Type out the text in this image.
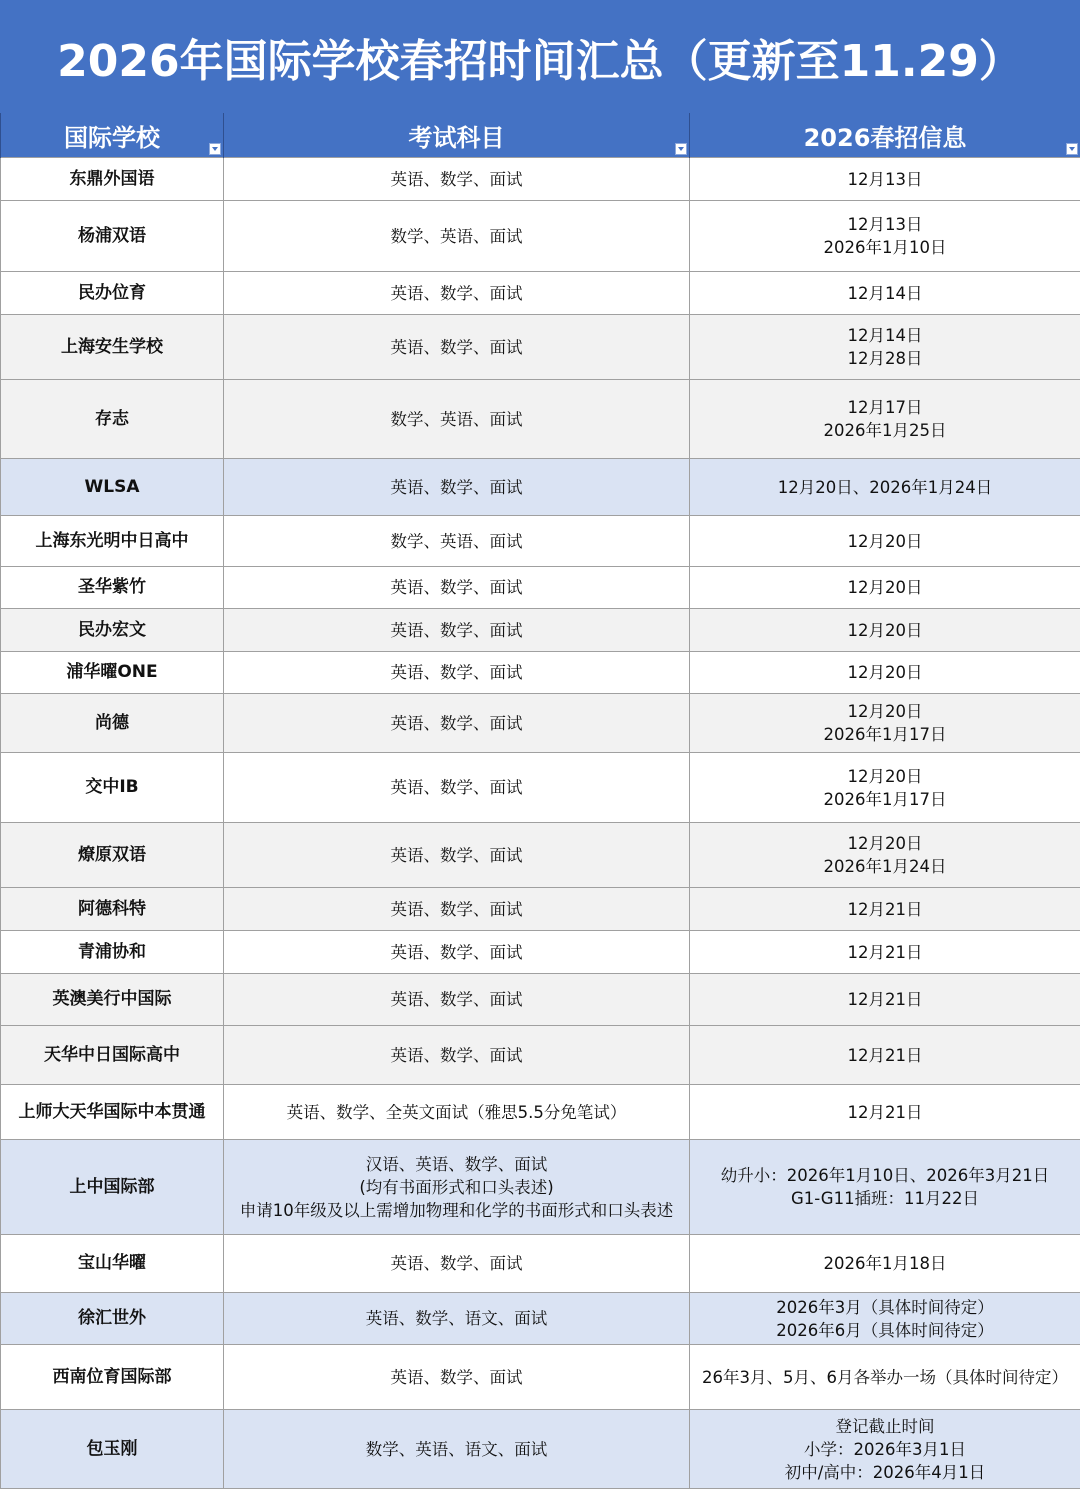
2026年国际学校春招时间汇总（更新至11.29）
国际学校	考试科目	2026春招信息

东鼎外国语	英语、数学、面试	12月13日

杨浦双语	数学、英语、面试	12月13日
2026年1月10日

民办位育	英语、数学、面试	12月14日

上海安生学校	英语、数学、面试	12月14日
12月28日

存志	数学、英语、面试	12月17日
2026年1月25日

WLSA	英语、数学、面试	12月20日、2026年1月24日

上海东光明中日高中	数学、英语、面试	12月20日

圣华紫竹	英语、数学、面试	12月20日

民办宏文	英语、数学、面试	12月20日

浦华曜ONE	英语、数学、面试	12月20日

尚德	英语、数学、面试	12月20日
2026年1月17日

交中IB	英语、数学、面试	12月20日
2026年1月17日

燎原双语	英语、数学、面试	12月20日
2026年1月24日

阿德科特	英语、数学、面试	12月21日

青浦协和	英语、数学、面试	12月21日

英澳美行中国际	英语、数学、面试	12月21日

天华中日国际高中	英语、数学、面试	12月21日

上师大天华国际中本贯通	英语、数学、全英文面试（雅思5.5分免笔试）	12月21日

上中国际部	汉语、英语、数学、面试
(均有书面形式和口头表述)
申请10年级及以上需增加物理和化学的书面形式和口头表述	幼升小：2026年1月10日、2026年3月21日
G1-G11插班：11月22日

宝山华曜	英语、数学、面试	2026年1月18日

徐汇世外	英语、数学、语文、面试	2026年3月（具体时间待定）
2026年6月（具体时间待定）

西南位育国际部	英语、数学、面试	26年3月、5月、6月各举办一场（具体时间待定）

包玉刚	数学、英语、语文、面试	登记截止时间
小学：2026年3月1日
初中/高中：2026年4月1日
